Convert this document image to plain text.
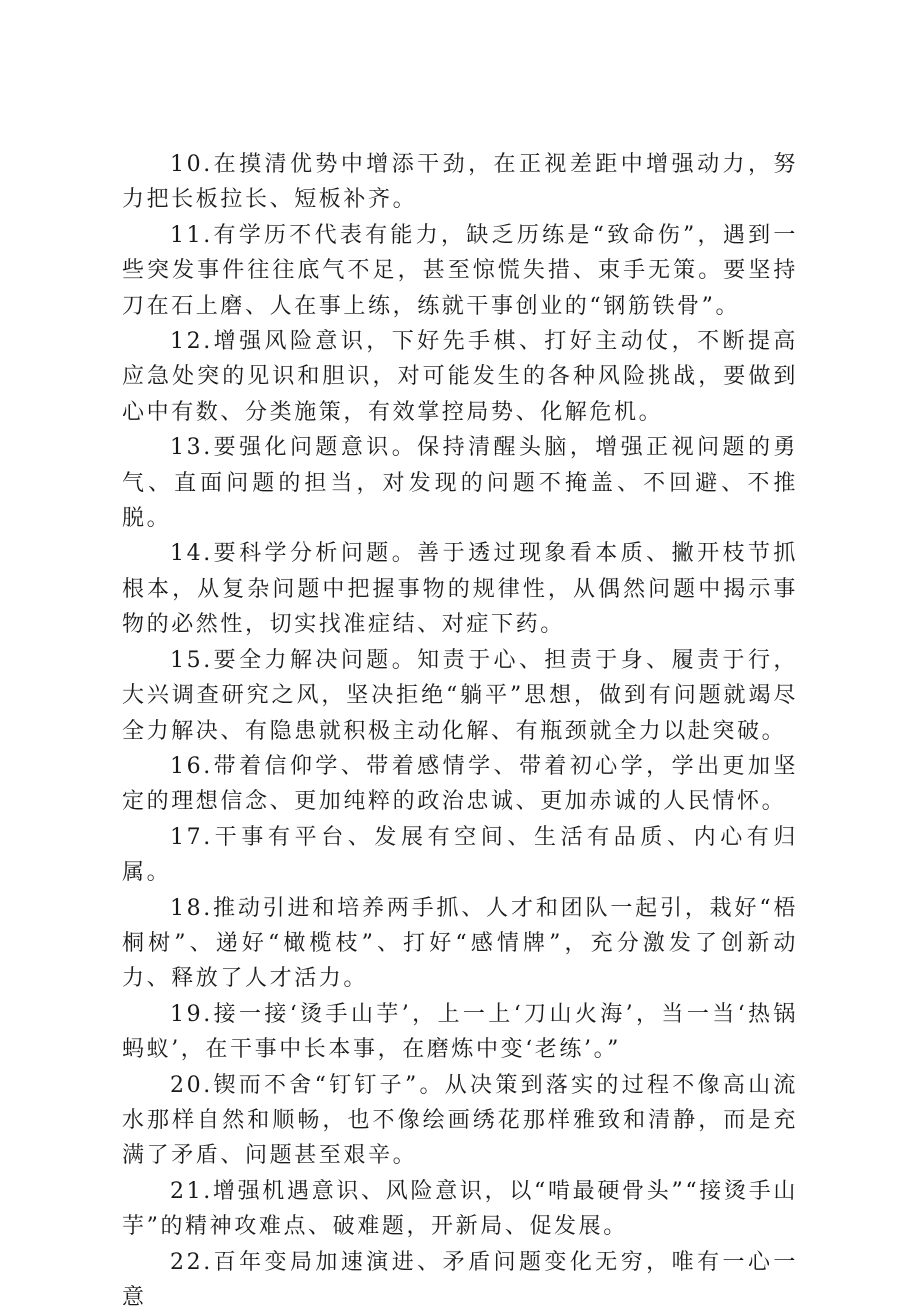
10.在摸清优势中增添干劲，在正视差距中增强动力，努力把长板拉长、短板补齐。

11.有学历不代表有能力，缺乏历练是“致命伤”，遇到一些突发事件往往底气不足，甚至惊慌失措、束手无策。要坚持刀在石上磨、人在事上练，练就干事创业的“钢筋铁骨”。

12.增强风险意识，下好先手棋、打好主动仗，不断提高应急处突的见识和胆识，对可能发生的各种风险挑战，要做到心中有数、分类施策，有效掌控局势、化解危机。

13.要强化问题意识。保持清醒头脑，增强正视问题的勇气、直面问题的担当，对发现的问题不掩盖、不回避、不推脱。

14.要科学分析问题。善于透过现象看本质、撇开枝节抓根本，从复杂问题中把握事物的规律性，从偶然问题中揭示事物的必然性，切实找准症结、对症下药。

15.要全力解决问题。知责于心、担责于身、履责于行，大兴调查研究之风，坚决拒绝“躺平”思想，做到有问题就竭尽全力解决、有隐患就积极主动化解、有瓶颈就全力以赴突破。

16.带着信仰学、带着感情学、带着初心学，学出更加坚定的理想信念、更加纯粹的政治忠诚、更加赤诚的人民情怀。

17.干事有平台、发展有空间、生活有品质、内心有归属。

18.推动引进和培养两手抓、人才和团队一起引，栽好“梧桐树”、递好“橄榄枝”、打好“感情牌”，充分激发了创新动力、释放了人才活力。

19.接一接‘烫手山芋’，上一上‘刀山火海’，当一当‘热锅蚂蚁’，在干事中长本事，在磨炼中变‘老练’。”

20.锲而不舍“钉钉子”。从决策到落实的过程不像高山流水那样自然和顺畅，也不像绘画绣花那样雅致和清静，而是充满了矛盾、问题甚至艰辛。

21.增强机遇意识、风险意识，以“啃最硬骨头”“接烫手山芋”的精神攻难点、破难题，开新局、促发展。

22.百年变局加速演进、矛盾问题变化无穷，唯有一心一意
